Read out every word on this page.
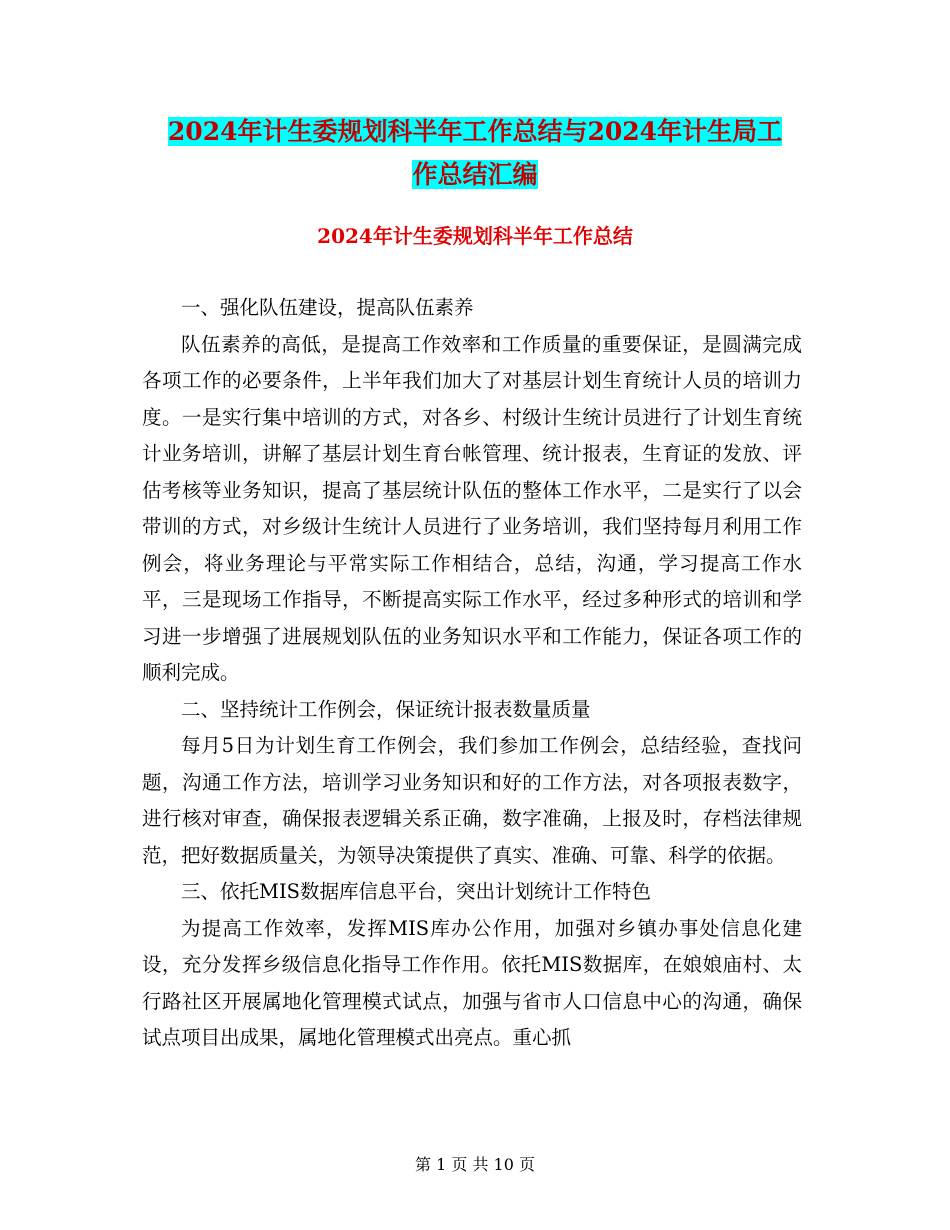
2024年计生委规划科半年工作总结与2024年计生局工
作总结汇编
2024年计生委规划科半年工作总结

一、强化队伍建设，提高队伍素养

队伍素养的高低，是提高工作效率和工作质量的重要保证，是圆满完成各项工作的必要条件，上半年我们加大了对基层计划生育统计人员的培训力度。一是实行集中培训的方式，对各乡、村级计生统计员进行了计划生育统计业务培训，讲解了基层计划生育台帐管理、统计报表，生育证的发放、评估考核等业务知识，提高了基层统计队伍的整体工作水平，二是实行了以会带训的方式，对乡级计生统计人员进行了业务培训，我们坚持每月利用工作例会，将业务理论与平常实际工作相结合，总结，沟通，学习提高工作水平，三是现场工作指导，不断提高实际工作水平，经过多种形式的培训和学习进一步增强了进展规划队伍的业务知识水平和工作能力，保证各项工作的顺利完成。

二、坚持统计工作例会，保证统计报表数量质量

每月5日为计划生育工作例会，我们参加工作例会，总结经验，查找问题，沟通工作方法，培训学习业务知识和好的工作方法，对各项报表数字，进行核对审查，确保报表逻辑关系正确，数字准确，上报及时，存档法律规范，把好数据质量关，为领导决策提供了真实、准确、可靠、科学的依据。

三、依托MIS数据库信息平台，突出计划统计工作特色

为提高工作效率，发挥MIS库办公作用，加强对乡镇办事处信息化建设，充分发挥乡级信息化指导工作作用。依托MIS数据库，在娘娘庙村、太行路社区开展属地化管理模式试点，加强与省市人口信息中心的沟通，确保试点项目出成果，属地化管理模式出亮点。重心抓

第 1 页 共 10 页
